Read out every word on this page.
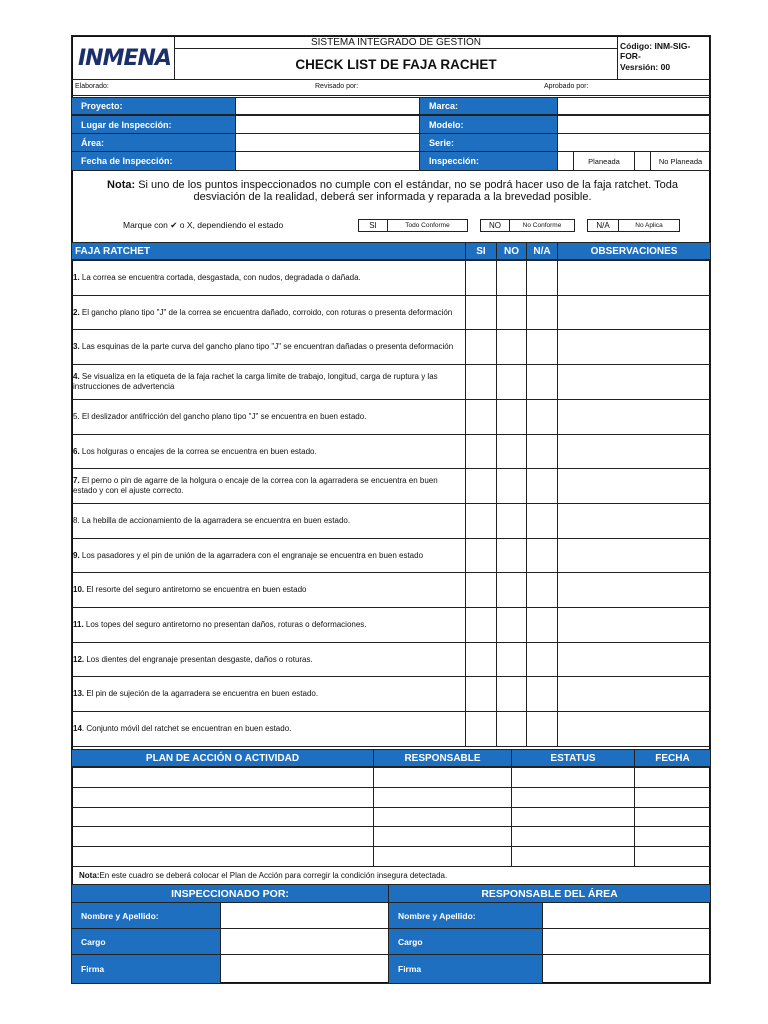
INMENA
SISTEMA INTEGRADO DE GESTIÓN
CHECK LIST DE FAJA RACHET
Código: INM-SIG-FOR-
Vesrsión: 00
Elaborado:	Revisado por:	Aprobado por:
Proyecto:	Marca:
Lugar de Inspección:	Modelo:
Área:	Serie:
Fecha de Inspección:	Inspección:	Planeada	No Planeada
Nota: Si uno de los puntos inspeccionados no cumple con el estándar, no se podrá hacer uso de la faja ratchet. Toda desviación de la realidad, deberá ser informada y reparada a la brevedad posible.
Marque con ✔ o X, dependiendo el estado	SI	Todo Conforme	NO	No Conforme	N/A	No Aplica
FAJA RATCHET	SI NO N/A	OBSERVACIONES
1. La correa se encuentra cortada, desgastada, con nudos, degradada o dañada.
2. El gancho plano tipo "J" de la correa se encuentra dañado, corroido, con roturas o presenta deformación
3. Las esquinas de la parte curva del gancho plano tipo "J" se encuentran dañadas o presenta deformación
4. Se visualiza en la etiqueta de la faja rachet la carga limite de trabajo, longitud, carga de ruptura y las instrucciones de advertencia
5. El deslizador antifricción del gancho plano tipo "J" se encuentra en buen estado.
6. Los holguras o encajes de la correa se encuentra en buen estado.
7. El perno o pin de agarre de la holgura o encaje de la correa con la agarradera se encuentra en buen estado y con el ajuste correcto.
8. La hebilla de accionamiento de la agarradera se encuentra en buen estado.
9. Los pasadores y el pin de unión de la agarradera con el engranaje se encuentra en buen estado
10. El resorte del seguro antiretorno se encuentra en buen estado
11. Los topes del seguro antiretorno no presentan daños, roturas o deformaciones.
12. Los dientes del engranaje presentan desgaste, daños o roturas.
13. El pin de sujeción de la agarradera se encuentra en buen estado.
14. Conjunto móvil del ratchet se encuentran en buen estado.
PLAN DE ACCIÓN O ACTIVIDAD	RESPONSABLE	ESTATUS	FECHA
Nota: En este cuadro se deberá colocar el Plan de Acción para corregir la condición insegura detectada.
INSPECCIONADO POR:	RESPONSABLE DEL ÁREA
Nombre y Apellido:	Nombre y Apellido:
Cargo	Cargo
Firma	Firma
